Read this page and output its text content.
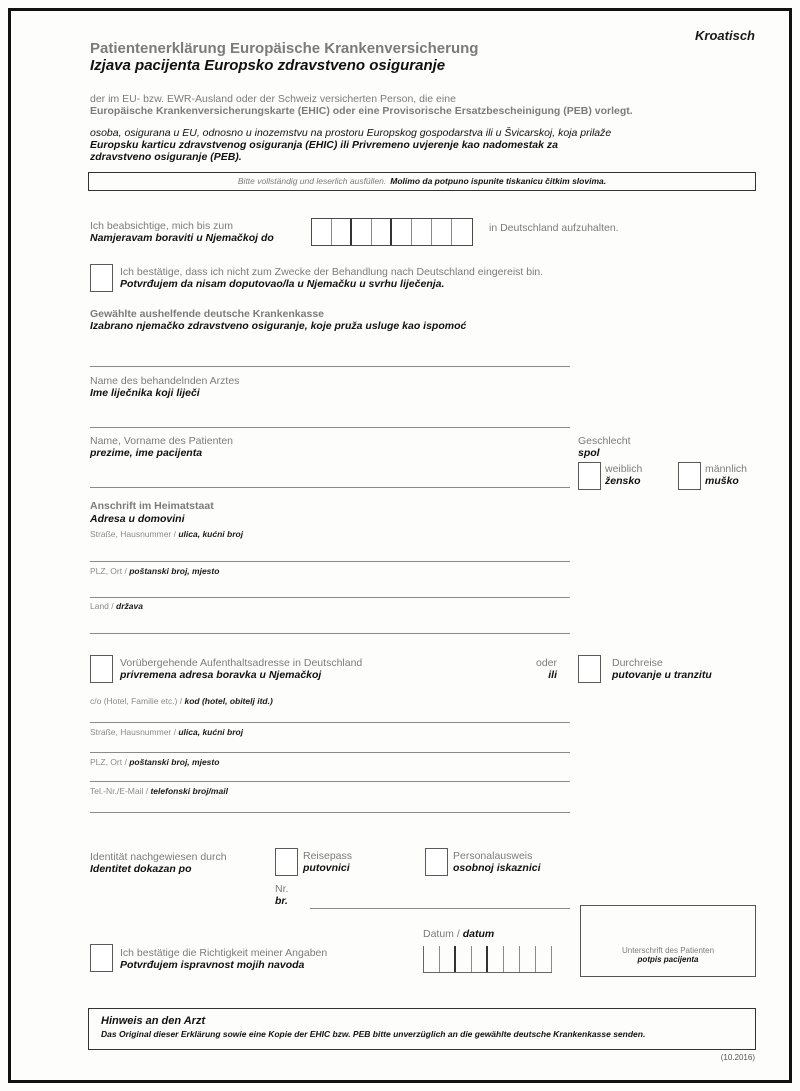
Kroatisch
Patientenerklärung Europäische Krankenversicherung
Izjava pacijenta Europsko zdravstveno osiguranje
der im EU- bzw. EWR-Ausland oder der Schweiz versicherten Person, die eine
Europäische Krankenversicherungskarte (EHIC) oder eine Provisorische Ersatzbescheinigung (PEB) vorlegt.
osoba, osigurana u EU, odnosno u inozemstvu na prostoru Europskog gospodarstva ili u Švicarskoj, koja prilaže
Europsku karticu zdravstvenog osiguranja (EHIC) ili Privremeno uvjerenje kao nadomestak za
zdravstveno osiguranje (PEB).
Bitte vollständig und leserlich ausfüllen. Molimo da potpuno ispunite tiskanicu čitkim slovima.
Ich beabsichtige, mich bis zum
Namjeravam boraviti u Njemačkoj do
in Deutschland aufzuhalten.
Ich bestätige, dass ich nicht zum Zwecke der Behandlung nach Deutschland eingereist bin.
Potvrđujem da nisam doputovao/la u Njemačku u svrhu liječenja.
Gewählte aushelfende deutsche Krankenkasse
Izabrano njemačko zdravstveno osiguranje, koje pruža usluge kao ispomoć
Name des behandelnden Arztes
Ime liječnika koji liječi
Name, Vorname des Patienten
prezime, ime pacijenta
Geschlecht
spol
weiblich
žensko
männlich
muško
Anschrift im Heimatstaat
Adresa u domovini
Straße, Hausnummer / ulica, kućni broj
PLZ, Ort / poštanski broj, mjesto
Land / država
Vorübergehende Aufenthaltsadresse in Deutschland
privremena adresa boravka u Njemačkoj
oder
ili
Durchreise
putovanje u tranzitu
c/o (Hotel, Familie etc.) / kod (hotel, obitelj itd.)
Straße, Hausnummer / ulica, kućni broj
PLZ, Ort / poštanski broj, mjesto
Tel.-Nr./E-Mail / telefonski broj/mail
Identität nachgewiesen durch
Identitet dokazan po
Reisepass
putovnici
Personalausweis
osobnoj iskaznici
Nr.
br.
Unterschrift des Patienten
potpis pacijenta
Ich bestätige die Richtigkeit meiner Angaben
Potvrđujem ispravnost mojih navoda
Datum / datum
Hinweis an den Arzt
Das Original dieser Erklärung sowie eine Kopie der EHIC bzw. PEB bitte unverzüglich an die gewählte deutsche Krankenkasse senden.
(10.2016)
